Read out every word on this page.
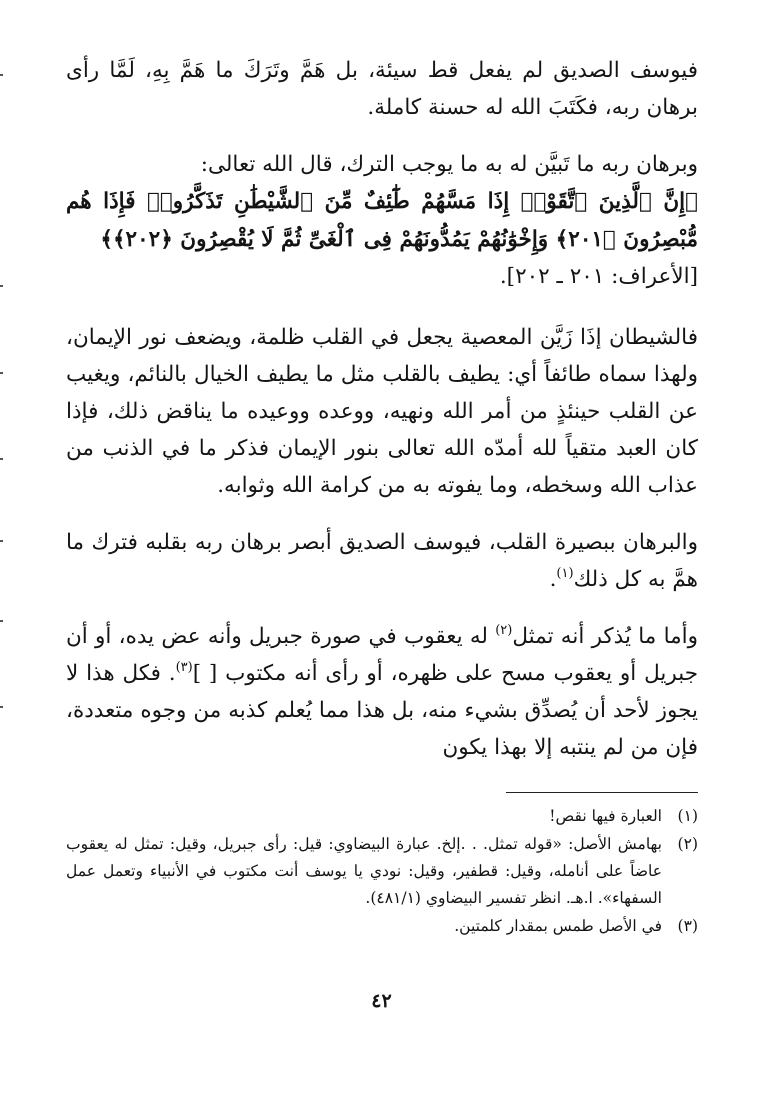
فيوسف الصديق لم يفعل قط سيئة، بل هَمَّ وتَرَكَ ما هَمَّ بِهِ، لَمَّا رأى برهان ربه، فكَتَبَ الله له حسنة كاملة.

وبرهان ربه ما تَبيَّن له به ما يوجب الترك، قال الله تعالى:

﴿إِنَّ ٱلَّذِينَ ٱتَّقَوْا۟ إِذَا مَسَّهُمْ طَٰٓئِفٌ مِّنَ ٱلشَّيْطَٰنِ تَذَكَّرُوا۟ فَإِذَا هُم مُّبْصِرُونَ ﴿٢٠١﴾ وَإِخْوَٰنُهُمْ يَمُدُّونَهُمْ فِى ٱلْغَىِّ ثُمَّ لَا يُقْصِرُونَ ﴿٢٠٢﴾﴾

[الأعراف: ٢٠١ ـ ٢٠٢].

فالشيطان إذَا زَيَّن المعصية يجعل في القلب ظلمة، ويضعف نور الإيمان، ولهذا سماه طائفاً أي: يطيف بالقلب مثل ما يطيف الخيال بالنائم، ويغيب عن القلب حينئذٍ من أمر الله ونهيه، ووعده ووعيده ما يناقض ذلك، فإذا كان العبد متقياً لله أمدّه الله تعالى بنور الإيمان فذكر ما في الذنب من عذاب الله وسخطه، وما يفوته به من كرامة الله وثوابه.

والبرهان ببصيرة القلب، فيوسف الصديق أبصر برهان ربه بقلبه فترك ما همَّ به كل ذلك$^{(١)}$.

وأما ما يُذكر أنه تمثل$^{(٢)}$ له يعقوب في صورة جبريل وأنه عض يده، أو أن جبريل أو يعقوب مسح على ظهره، أو رأى أنه مكتوب [ ]$^{(٣)}$. فكل هذا لا يجوز لأحد أن يُصدِّق بشيء منه، بل هذا مما يُعلم كذبه من وجوه متعددة، فإن من لم ينتبه إلا بهذا يكون

(١)

العبارة فيها نقص!

(٢)

بهامش الأصل: «قوله تمثل. . .إلخ. عبارة البيضاوي: قيل: رأى جبريل، وقيل: تمثل له يعقوب عاضاً على أنامله، وقيل: قطفير، وقيل: نودي يا يوسف أنت مكتوب في الأنبياء وتعمل عمل السفهاء». ا.هـ. انظر تفسير البيضاوي (٤٨١/١).

(٣)

في الأصل طمس بمقدار كلمتين.

٤٢
